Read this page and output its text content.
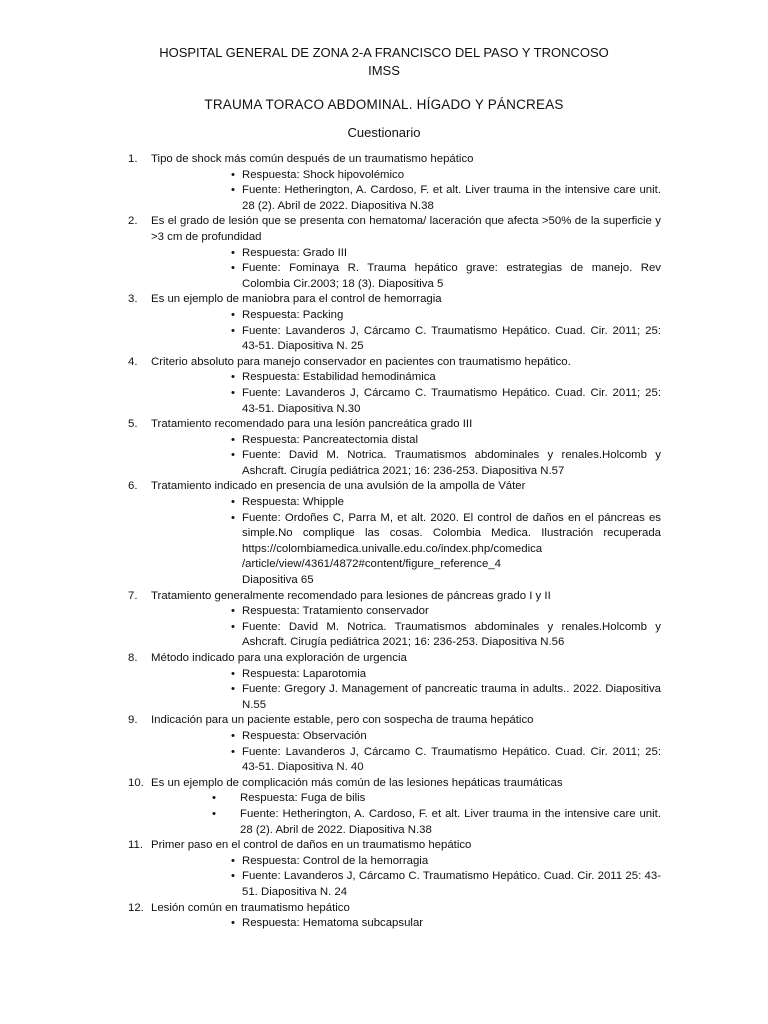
HOSPITAL GENERAL DE ZONA 2-A FRANCISCO DEL PASO Y TRONCOSO
IMSS
TRAUMA TORACO ABDOMINAL. HÍGADO Y PÁNCREAS
Cuestionario
1. Tipo de shock más común después de un traumatismo hepático
• Respuesta: Shock hipovolémico
• Fuente: Hetherington, A. Cardoso, F. et alt. Liver trauma in the intensive care unit. 28 (2). Abril de 2022. Diapositiva N.38
2. Es el grado de lesión que se presenta con hematoma/ laceración que afecta >50% de la superficie y >3 cm de profundidad
• Respuesta: Grado III
• Fuente: Fominaya R. Trauma hepático grave: estrategias de manejo. Rev Colombia Cir.2003; 18 (3). Diapositiva 5
3. Es un ejemplo de maniobra para el control de hemorragia
• Respuesta: Packing
• Fuente: Lavanderos J, Cárcamo C. Traumatismo Hepático. Cuad. Cir. 2011; 25: 43-51. Diapositiva N. 25
4. Criterio absoluto para manejo conservador en pacientes con traumatismo hepático.
• Respuesta: Estabilidad hemodinámica
• Fuente: Lavanderos J, Cárcamo C. Traumatismo Hepático. Cuad. Cir. 2011; 25: 43-51. Diapositiva N.30
5. Tratamiento recomendado para una lesión pancreática grado III
• Respuesta: Pancreatectomia distal
• Fuente: David M. Notrica. Traumatismos abdominales y renales.Holcomb y Ashcraft. Cirugía pediátrica 2021; 16: 236-253. Diapositiva N.57
6. Tratamiento indicado en presencia de una avulsión de la ampolla de Váter
• Respuesta: Whipple
• Fuente: Ordoñes C, Parra M, et alt. 2020. El control de daños en el páncreas es simple.No complique las cosas. Colombia Medica. Ilustración recuperada https://colombiamedica.univalle.edu.co/index.php/comedica /article/view/4361/4872#content/figure_reference_4
Diapositiva 65
7. Tratamiento generalmente recomendado para lesiones de páncreas grado I y II
• Respuesta: Tratamiento conservador
• Fuente: David M. Notrica. Traumatismos abdominales y renales.Holcomb y Ashcraft. Cirugía pediátrica 2021; 16: 236-253. Diapositiva N.56
8. Método indicado para una exploración de urgencia
• Respuesta: Laparotomia
• Fuente: Gregory J. Management of pancreatic trauma in adults.. 2022. Diapositiva N.55
9. Indicación para un paciente estable, pero con sospecha de trauma hepático
• Respuesta: Observación
• Fuente: Lavanderos J, Cárcamo C. Traumatismo Hepático. Cuad. Cir. 2011; 25: 43-51. Diapositiva N. 40
10. Es un ejemplo de complicación más común de las lesiones hepáticas traumáticas
• Respuesta: Fuga de bilis
• Fuente: Hetherington, A. Cardoso, F. et alt. Liver trauma in the intensive care unit. 28 (2). Abril de 2022. Diapositiva N.38
11. Primer paso en el control de daños en un traumatismo hepático
• Respuesta: Control de la hemorragia
• Fuente: Lavanderos J, Cárcamo C. Traumatismo Hepático. Cuad. Cir. 2011 25: 43-51. Diapositiva N. 24
12. Lesión común en traumatismo hepático
• Respuesta: Hematoma subcapsular
